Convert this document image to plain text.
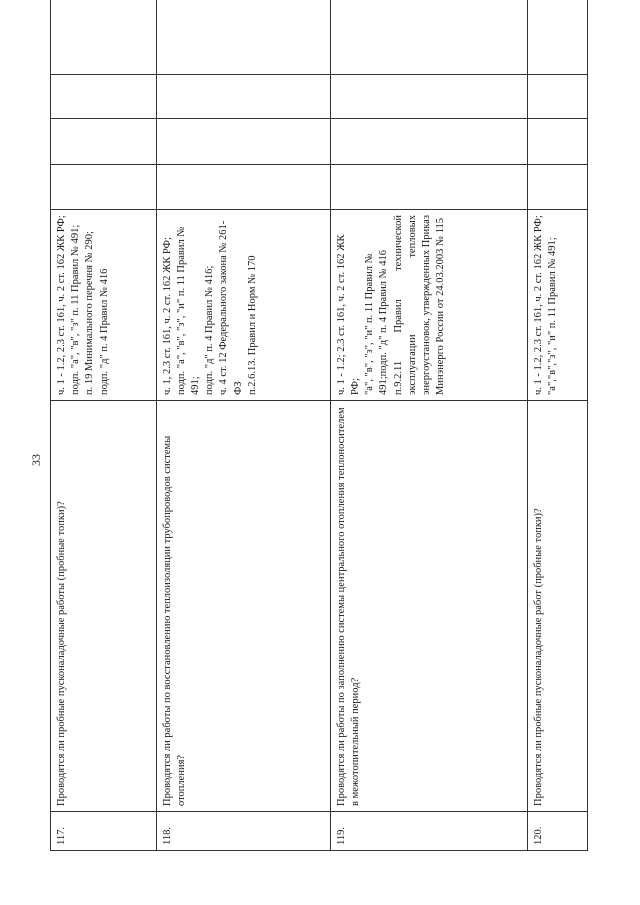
33
117.	Проводятся ли пробные пусконаладочные работы (пробные топки)?	ч. 1 - 1.2, 2.3 ст. 161, ч. 2 ст. 162 ЖК РФ; подп. "а", "в", "з" п. 11 Правил № 491; п. 19 Минимального перечня № 290; подп. "д" п. 4 Правил № 416				

118.	Проводятся ли работы по восстановлению теплоизоляции трубопроводов системы отопления?	ч. 1, 2.3 ст. 161, ч. 2 ст. 162 ЖК РФ; подп. "а", "в", "з", "и" п. 11 Правил № 491; подп. "д" п. 4 Правил № 416; ч. 4 ст. 12 Федерального закона № 261-ФЗ п.2.6.13. Правил и Норм № 170				

119.	Проводятся ли работы по заполнению системы центрального отопления теплоносителем в межотопительный период?	ч. 1 - 1.2; 2.3 ст. 161, ч. 2 ст. 162 ЖК РФ; "а", "в", "з", "и" п. 11 Правил № 491;подп. "д" п. 4 Правил № 416 п.9.2.11 Правил технической эксплуатации тепловых энергоустановок, утвержденных Приказ Минэнерго России от 24.03.2003 № 115				

120.	Проводятся ли пробные пусконаладочные работ (пробные топки)?	ч. 1 - 1.2, 2.3 ст. 161, ч. 2 ст. 162 ЖК РФ; "а","в","з", "и" п. 11 Правил № 491;				
